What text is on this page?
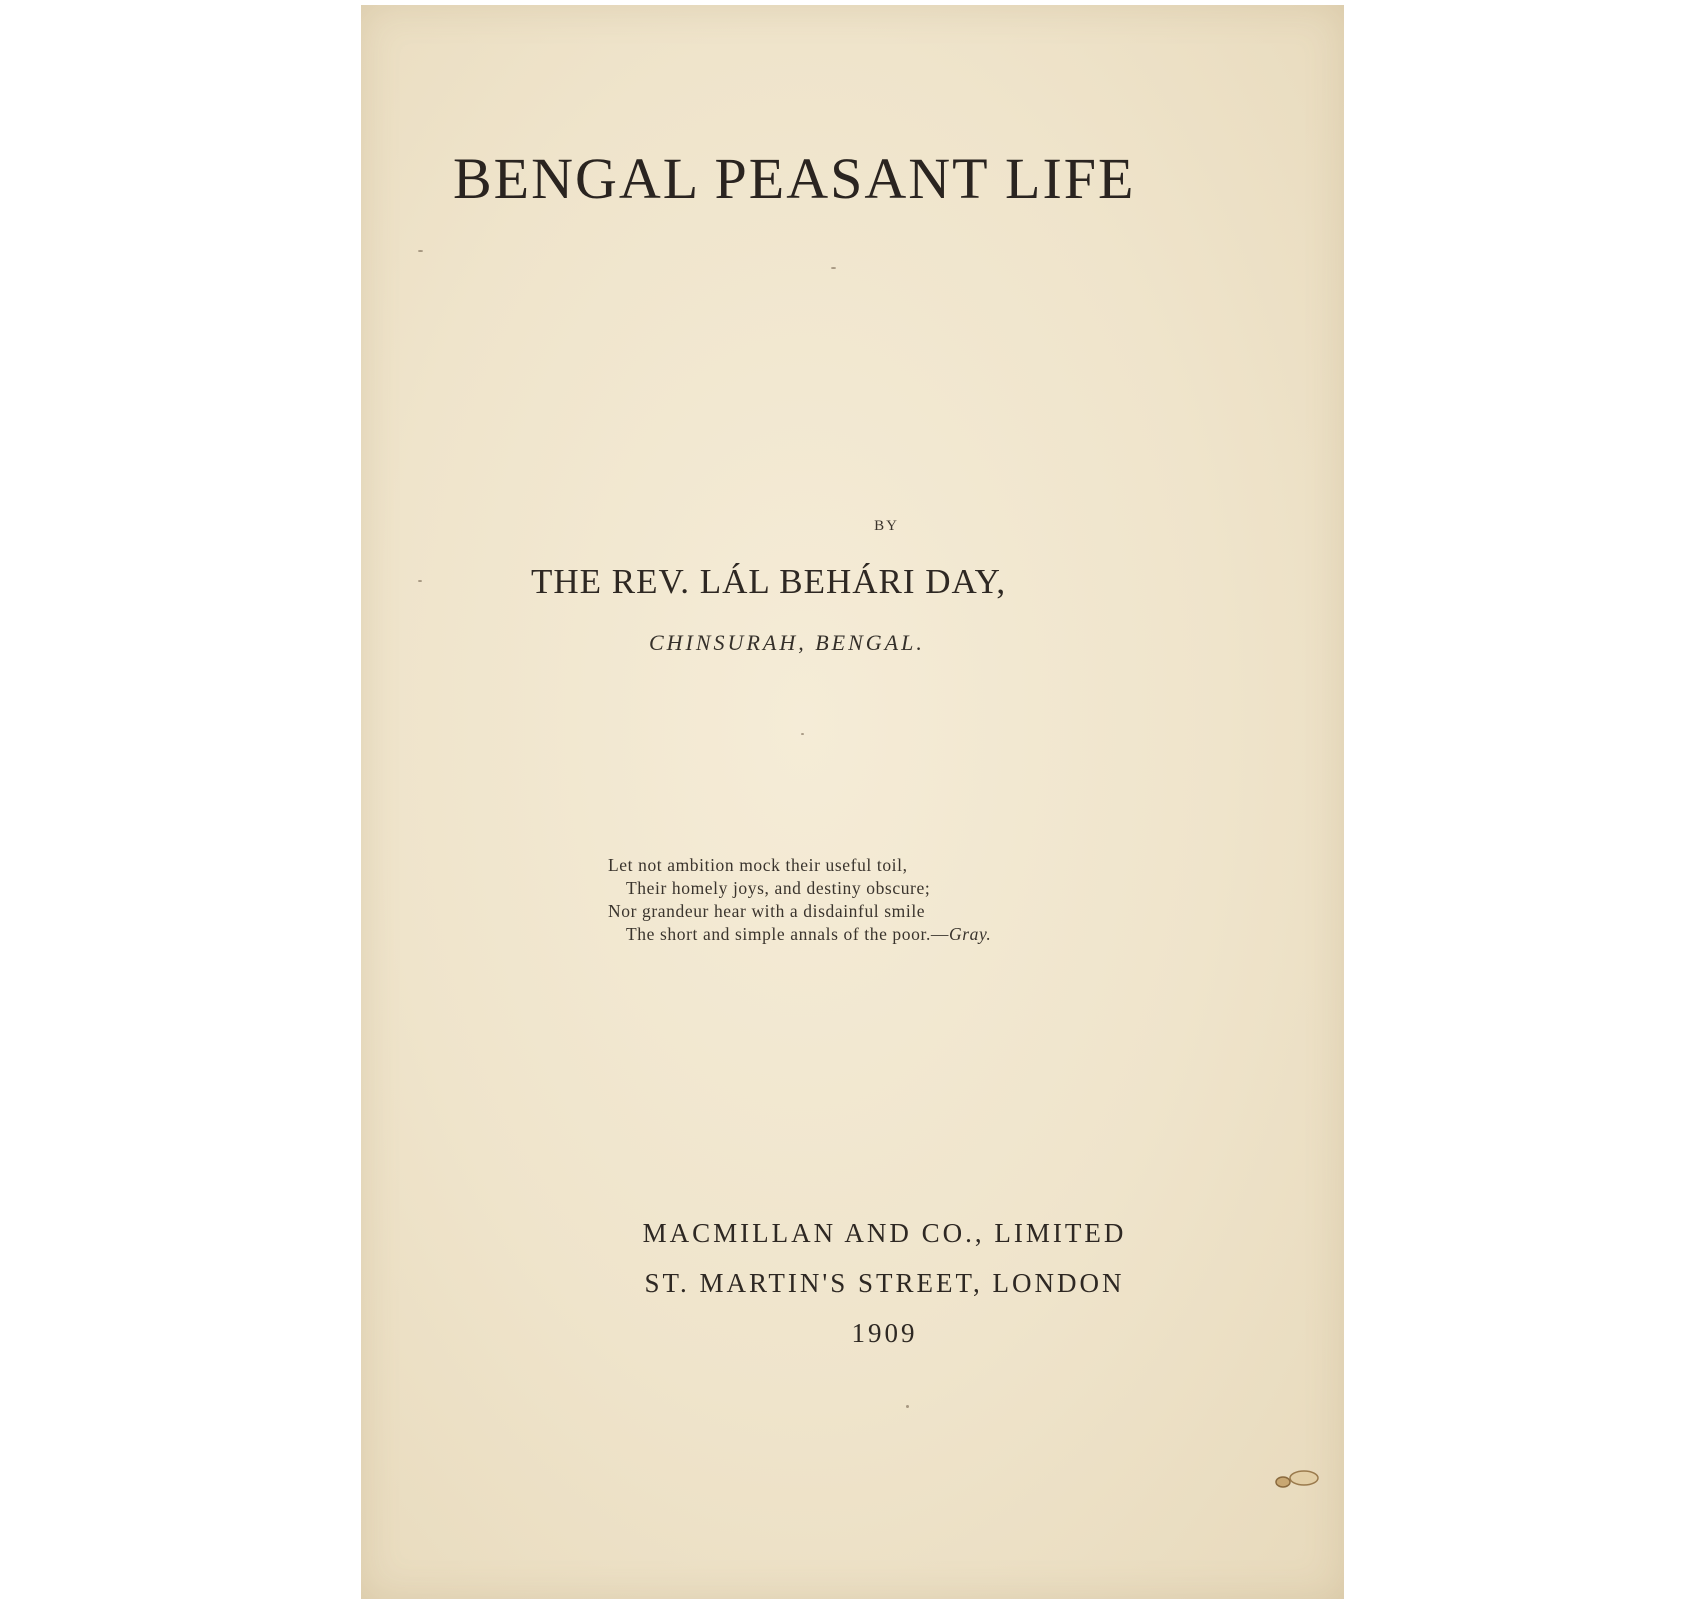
BENGAL PEASANT LIFE
BY
THE REV. LÁL BEHÁRI DAY,
CHINSURAH, BENGAL.
Let not ambition mock their useful toil,
Their homely joys, and destiny obscure;
Nor grandeur hear with a disdainful smile
The short and simple annals of the poor.—Gray.
MACMILLAN AND CO., LIMITED
ST. MARTIN'S STREET, LONDON
1909
